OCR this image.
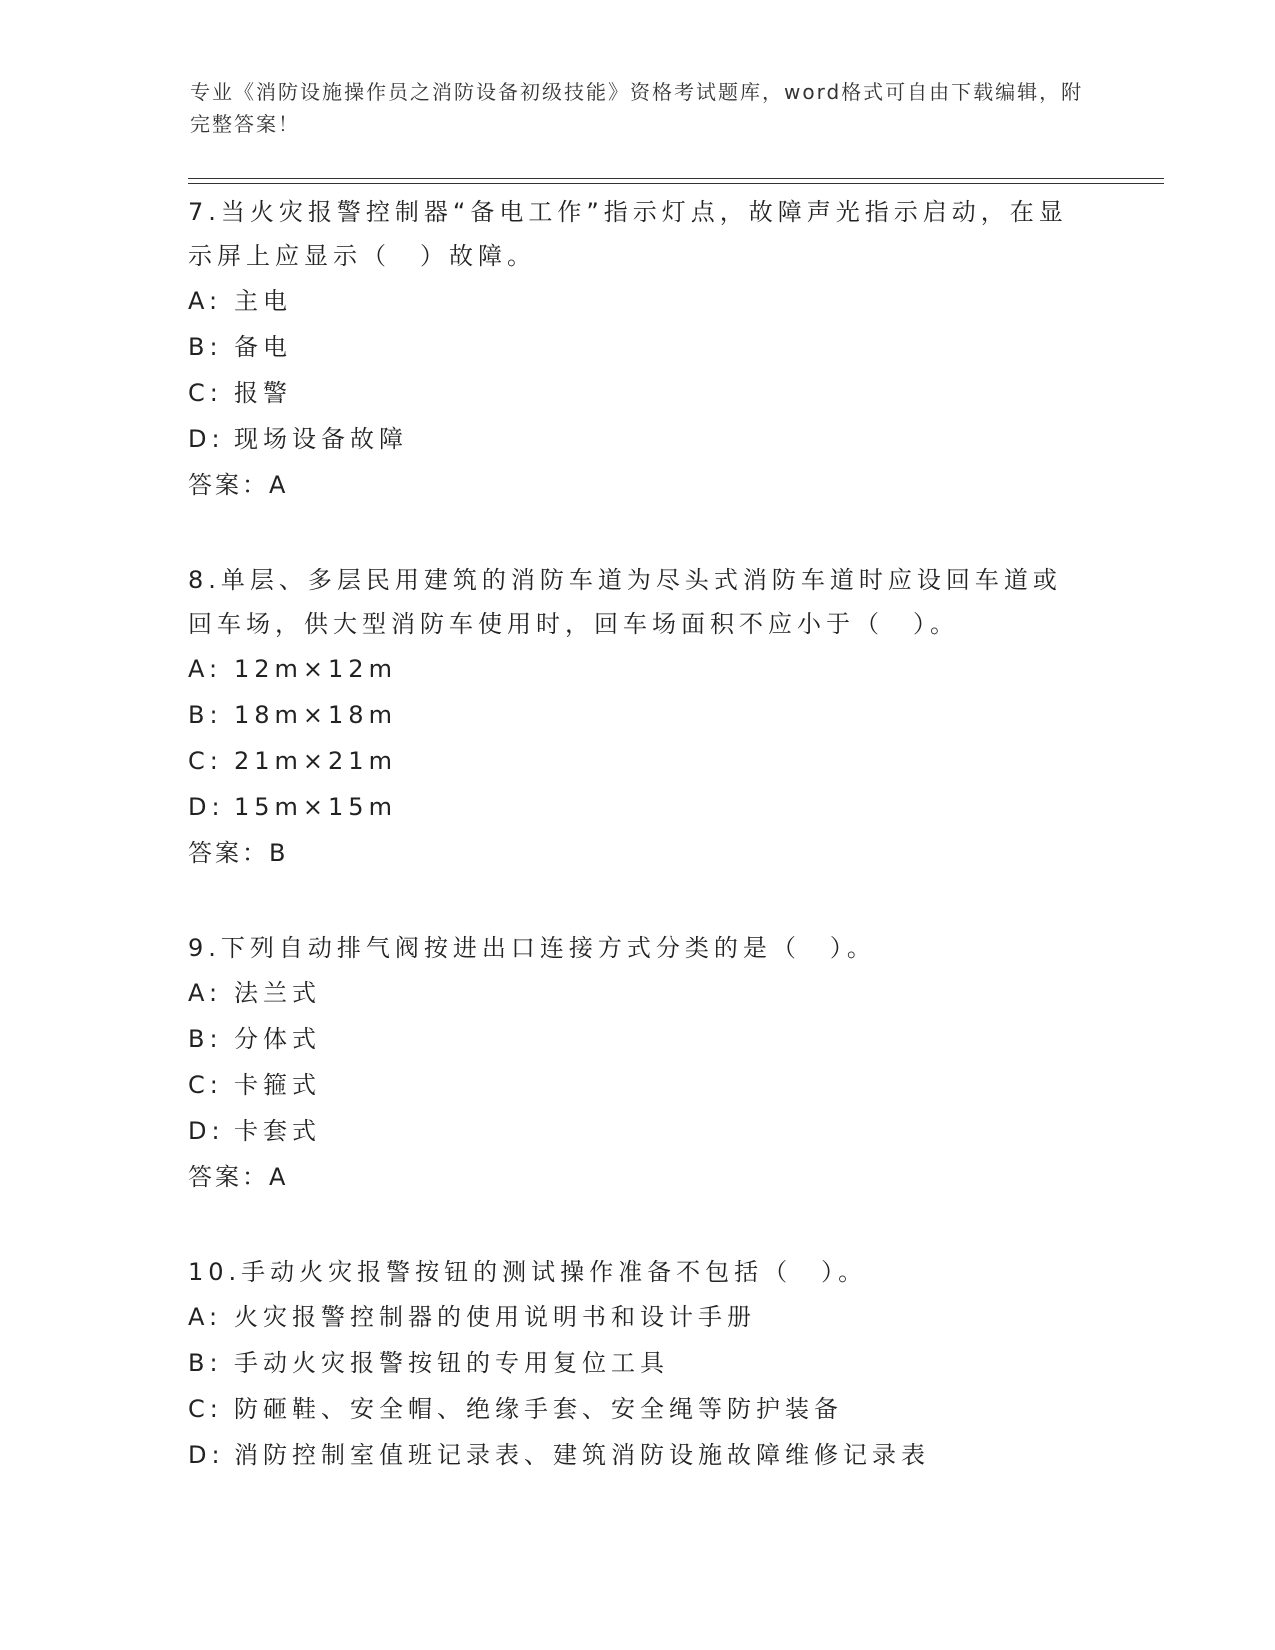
专业《消防设施操作员之消防设备初级技能》资格考试题库，word格式可自由下载编辑，附完整答案！

7.当火灾报警控制器“备电工作”指示灯点，故障声光指示启动，在显示屏上应显示（　）故障。

A: 主电
B: 备电
C: 报警
D: 现场设备故障

答案：A

8.单层、多层民用建筑的消防车道为尽头式消防车道时应设回车道或回车场，供大型消防车使用时，回车场面积不应小于（　）。

A: 12m×12m
B: 18m×18m
C: 21m×21m
D: 15m×15m

答案：B

9.下列自动排气阀按进出口连接方式分类的是（　）。

A: 法兰式
B: 分体式
C: 卡箍式
D: 卡套式

答案：A

10.手动火灾报警按钮的测试操作准备不包括（　）。

A: 火灾报警控制器的使用说明书和设计手册
B: 手动火灾报警按钮的专用复位工具
C: 防砸鞋、安全帽、绝缘手套、安全绳等防护装备
D: 消防控制室值班记录表、建筑消防设施故障维修记录表
